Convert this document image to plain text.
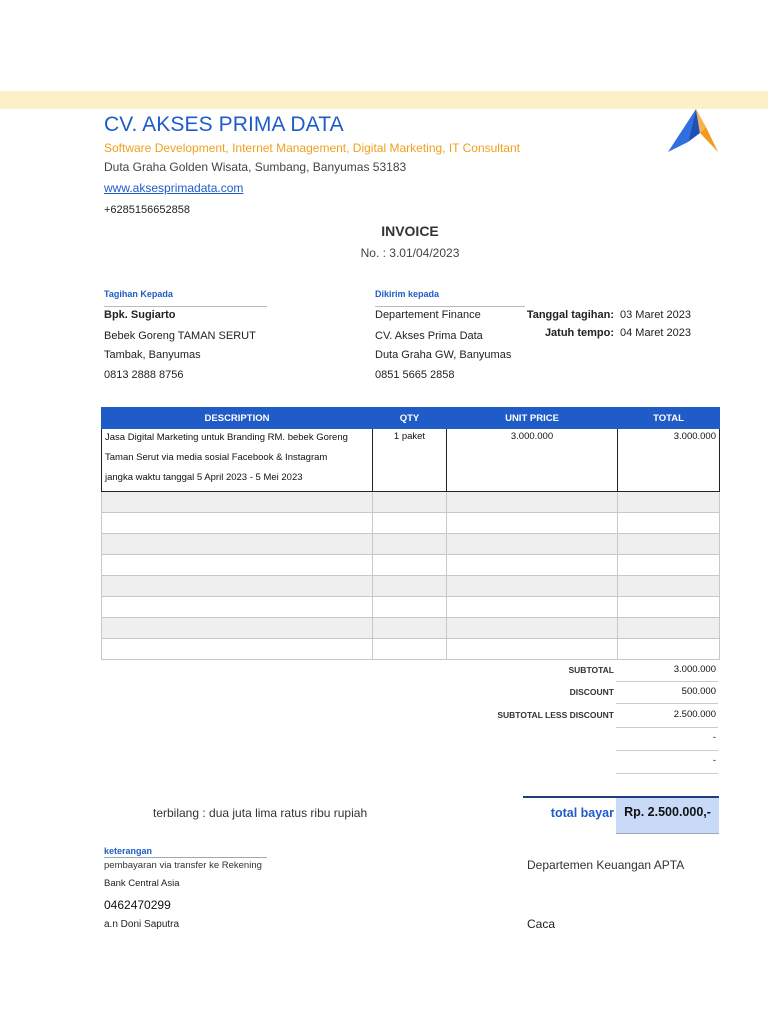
CV. AKSES PRIMA DATA
Software Development, Internet Management, Digital Marketing, IT Consultant
Duta Graha Golden Wisata, Sumbang, Banyumas 53183
www.aksesprimadata.com
+6285156652858
INVOICE
No. : 3.01/04/2023
Tagihan Kepada
Bpk. Sugiarto
Bebek Goreng TAMAN SERUT
Tambak, Banyumas
0813 2888 8756
Dikirim kepada
Departement Finance
CV. Akses Prima Data
Duta Graha GW, Banyumas
0851 5665 2858
Tanggal tagihan: 03 Maret 2023
Jatuh tempo: 04 Maret 2023
DESCRIPTION	QTY	UNIT PRICE	TOTAL

Jasa Digital Marketing untuk Branding RM. bebek Goreng
Taman Serut via media sosial Facebook & Instagram
jangka waktu tanggal 5 April 2023 - 5 Mei 2023	1 paket	3.000.000	3.000.000

SUBTOTAL	3.000.000
DISCOUNT	500.000
SUBTOTAL LESS DISCOUNT	2.500.000
-
-
terbilang : dua juta lima ratus ribu rupiah	total bayar Rp. 2.500.000,-
keterangan
pembayaran via transfer ke Rekening
Bank Central Asia
0462470299
a.n Doni Saputra
Departemen Keuangan APTA
Caca
